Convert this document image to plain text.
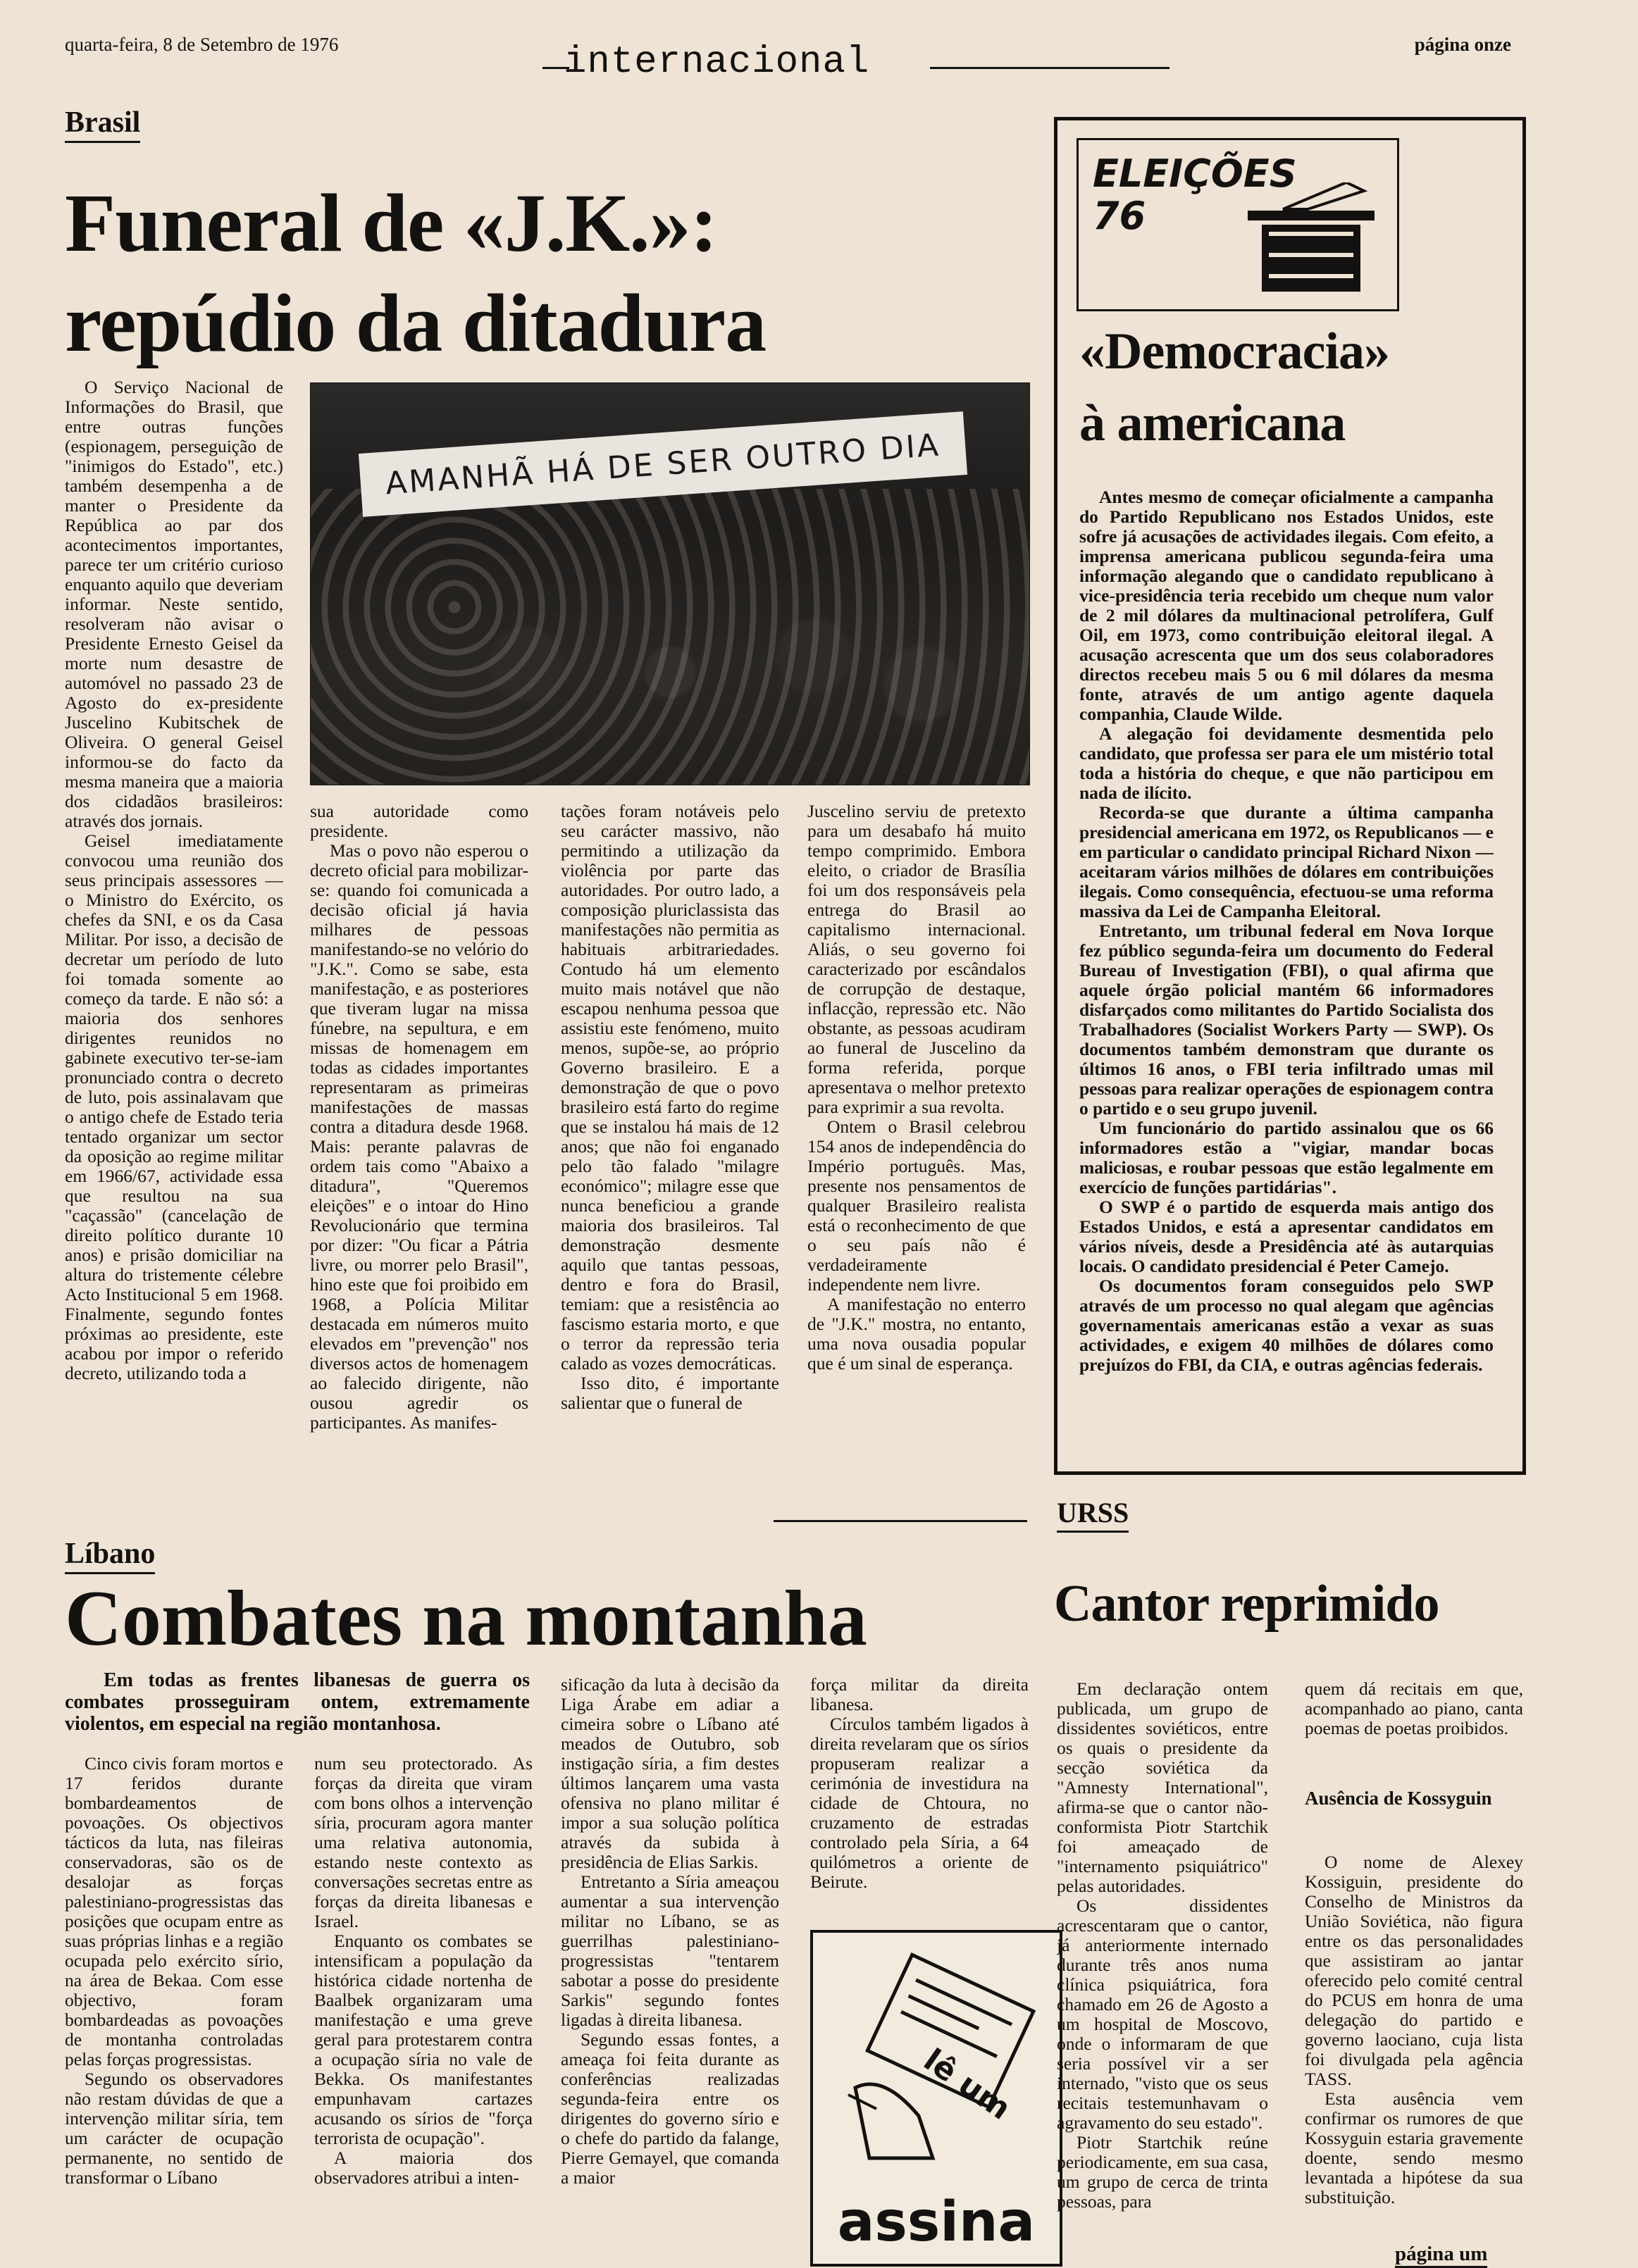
quarta-feira, 8 de Setembro de 1976	internacional	página onze
Brasil
Funeral de «J.K.»:
repúdio da ditadura
AMANHÃ HÁ DE SER OUTRO DIA

O Serviço Nacional de Informações do Brasil, que entre outras funções (espionagem, perseguição de "inimigos do Estado", etc.) também desempenha a de manter o Presidente da República ao par dos acontecimentos importantes, parece ter um critério curioso enquanto aquilo que deveriam informar. Neste sentido, resolveram não avisar o Presidente Ernesto Geisel da morte num desastre de automóvel no passado 23 de Agosto do ex-presidente Juscelino Kubitschek de Oliveira. O general Geisel informou-se do facto da mesma maneira que a maioria dos cidadãos brasileiros: através dos jornais.

Geisel imediatamente convocou uma reunião dos seus principais assessores — o Ministro do Exército, os chefes da SNI, e os da Casa Militar. Por isso, a decisão de decretar um período de luto foi tomada somente ao começo da tarde. E não só: a maioria dos senhores dirigentes reunidos no gabinete executivo ter-se-iam pronunciado contra o decreto de luto, pois assinalavam que o antigo chefe de Estado teria tentado organizar um sector da oposição ao regime militar em 1966/67, actividade essa que resultou na sua "caçassão" (cancelação de direito político durante 10 anos) e prisão domiciliar na altura do tristemente célebre Acto Institucional 5 em 1968. Finalmente, segundo fontes próximas ao presidente, este acabou por impor o referido decreto, utilizando toda a

sua autoridade como presidente.

Mas o povo não esperou o decreto oficial para mobilizar-se: quando foi comunicada a decisão oficial já havia milhares de pessoas manifestando-se no velório do "J.K.". Como se sabe, esta manifestação, e as posteriores que tiveram lugar na missa fúnebre, na sepultura, e em missas de homenagem em todas as cidades importantes representaram as primeiras manifestações de massas contra a ditadura desde 1968. Mais: perante palavras de ordem tais como "Abaixo a ditadura", "Queremos eleições" e o intoar do Hino Revolucionário que termina por dizer: "Ou ficar a Pátria livre, ou morrer pelo Brasil", hino este que foi proibido em 1968, a Polícia Militar destacada em números muito elevados em "prevenção" nos diversos actos de homenagem ao falecido dirigente, não ousou agredir os participantes. As manifes-

tações foram notáveis pelo seu carácter massivo, não permitindo a utilização da violência por parte das autoridades. Por outro lado, a composição pluriclassista das manifestações não permitia as habituais arbitrariedades. Contudo há um elemento muito mais notável que não escapou nenhuma pessoa que assistiu este fenómeno, muito menos, supõe-se, ao próprio Governo brasileiro. E a demonstração de que o povo brasileiro está farto do regime que se instalou há mais de 12 anos; que não foi enganado pelo tão falado "milagre económico"; milagre esse que nunca beneficiou a grande maioria dos brasileiros. Tal demonstração desmente aquilo que tantas pessoas, dentro e fora do Brasil, temiam: que a resistência ao fascismo estaria morto, e que o terror da repressão teria calado as vozes democráticas.

Isso dito, é importante salientar que o funeral de

Juscelino serviu de pretexto para um desabafo há muito tempo comprimido. Embora eleito, o criador de Brasília foi um dos responsáveis pela entrega do Brasil ao capitalismo internacional. Aliás, o seu governo foi caracterizado por escândalos de corrupção de destaque, inflacção, repressão etc. Não obstante, as pessoas acudiram ao funeral de Juscelino da forma referida, porque apresentava o melhor pretexto para exprimir a sua revolta.

Ontem o Brasil celebrou 154 anos de independência do Império português. Mas, presente nos pensamentos de qualquer Brasileiro realista está o reconhecimento de que o seu país não é verdadeiramente independente nem livre.

A manifestação no enterro de "J.K." mostra, no entanto, uma nova ousadia popular que é um sinal de esperança.

ELEIÇÕES
76
«Democracia»
à americana

Antes mesmo de começar oficialmente a campanha do Partido Republicano nos Estados Unidos, este sofre já acusações de actividades ilegais. Com efeito, a imprensa americana publicou segunda-feira uma informação alegando que o candidato republicano à vice-presidência teria recebido um cheque num valor de 2 mil dólares da multinacional petrolífera, Gulf Oil, em 1973, como contribuição eleitoral ilegal. A acusação acrescenta que um dos seus colaboradores directos recebeu mais 5 ou 6 mil dólares da mesma fonte, através de um antigo agente daquela companhia, Claude Wilde.

A alegação foi devidamente desmentida pelo candidato, que professa ser para ele um mistério total toda a história do cheque, e que não participou em nada de ilícito.

Recorda-se que durante a última campanha presidencial americana em 1972, os Republicanos — e em particular o candidato principal Richard Nixon — aceitaram vários milhões de dólares em contribuições ilegais. Como consequência, efectuou-se uma reforma massiva da Lei de Campanha Eleitoral.

Entretanto, um tribunal federal em Nova Iorque fez público segunda-feira um documento do Federal Bureau of Investigation (FBI), o qual afirma que aquele órgão policial mantém 66 informadores disfarçados como militantes do Partido Socialista dos Trabalhadores (Socialist Workers Party — SWP). Os documentos também demonstram que durante os últimos 16 anos, o FBI teria infiltrado umas mil pessoas para realizar operações de espionagem contra o partido e o seu grupo juvenil.

Um funcionário do partido assinalou que os 66 informadores estão a "vigiar, mandar bocas maliciosas, e roubar pessoas que estão legalmente em exercício de funções partidárias".

O SWP é o partido de esquerda mais antigo dos Estados Unidos, e está a apresentar candidatos em vários níveis, desde a Presidência até às autarquias locais. O candidato presidencial é Peter Camejo.

Os documentos foram conseguidos pelo SWP através de um processo no qual alegam que agências governamentais americanas estão a vexar as suas actividades, e exigem 40 milhões de dólares como prejuízos do FBI, da CIA, e outras agências federais.

Líbano
Combates na montanha

Em todas as frentes libanesas de guerra os combates prosseguiram ontem, extremamente violentos, em especial na região montanhosa.

Cinco civis foram mortos e 17 feridos durante bombardeamentos de povoações. Os objectivos tácticos da luta, nas fileiras conservadoras, são os de desalojar as forças palestiniano-progressistas das posições que ocupam entre as suas próprias linhas e a região ocupada pelo exército sírio, na área de Bekaa. Com esse objectivo, foram bombardeadas as povoações de montanha controladas pelas forças progressistas.

Segundo os observadores não restam dúvidas de que a intervenção militar síria, tem um carácter de ocupação permanente, no sentido de transformar o Líbano

num seu protectorado. As forças da direita que viram com bons olhos a intervenção síria, procuram agora manter uma relativa autonomia, estando neste contexto as conversações secretas entre as forças da direita libanesas e Israel.

Enquanto os combates se intensificam a população da histórica cidade nortenha de Baalbek organizaram uma manifestação e uma greve geral para protestarem contra a ocupação síria no vale de Bekka. Os manifestantes empunhavam cartazes acusando os sírios de "força terrorista de ocupação".

A maioria dos observadores atribui a inten-

sificação da luta à decisão da Liga Árabe em adiar a cimeira sobre o Líbano até meados de Outubro, sob instigação síria, a fim destes últimos lançarem uma vasta ofensiva no plano militar é impor a sua solução política através da subida à presidência de Elias Sarkis.

Entretanto a Síria ameaçou aumentar a sua intervenção militar no Líbano, se as guerrilhas palestiniano-progressistas "tentarem sabotar a posse do presidente Sarkis" segundo fontes ligadas à direita libanesa.

Segundo essas fontes, a ameaça foi feita durante as conferências realizadas segunda-feira entre os dirigentes do governo sírio e o chefe do partido da falange, Pierre Gemayel, que comanda a maior

força militar da direita libanesa.

Círculos também ligados à direita revelaram que os sírios propuseram realizar a cerimónia de investidura na cidade de Chtoura, no cruzamento de estradas controlado pela Síria, a 64 quilómetros a oriente de Beirute.

lê um
assina
URSS
Cantor reprimido

Em declaração ontem publicada, um grupo de dissidentes soviéticos, entre os quais o presidente da secção soviética da "Amnesty International", afirma-se que o cantor não-conformista Piotr Startchik foi ameaçado de "internamento psiquiátrico" pelas autoridades.

Os dissidentes acrescentaram que o cantor, já anteriormente internado durante três anos numa clínica psiquiátrica, fora chamado em 26 de Agosto a um hospital de Moscovo, onde o informaram de que seria possível vir a ser internado, "visto que os seus recitais testemunhavam o agravamento do seu estado".

Piotr Startchik reúne periodicamente, em sua casa, um grupo de cerca de trinta pessoas, para

quem dá recitais em que, acompanhado ao piano, canta poemas de poetas proibidos.

Ausência de Kossyguin

O nome de Alexey Kossiguin, presidente do Conselho de Ministros da União Soviética, não figura entre os das personalidades que assistiram ao jantar oferecido pelo comité central do PCUS em honra de uma delegação do partido e governo laociano, cuja lista foi divulgada pela agência TASS.

Esta ausência vem confirmar os rumores de que Kossyguin estaria gravemente doente, sendo mesmo levantada a hipótese da sua substituição.

página um
